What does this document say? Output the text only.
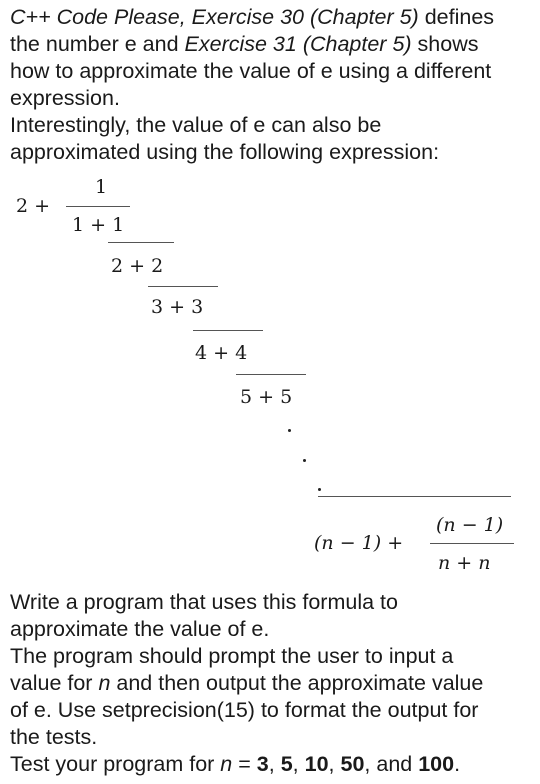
C++ Code Please, Exercise 30 (Chapter 5) defines
the number e and Exercise 31 (Chapter 5) shows
how to approximate the value of e using a different
expression.
Interestingly, the value of e can also be
approximated using the following expression:
2 +
1
1 + 1
2 + 2
3 + 3
4 + 4
5 + 5
(n − 1) +
(n − 1)
n + n
Write a program that uses this formula to
approximate the value of e.
The program should prompt the user to input a
value for n and then output the approximate value
of e. Use setprecision(15) to format the output for
the tests.
Test your program for n = 3, 5, 10, 50, and 100.
